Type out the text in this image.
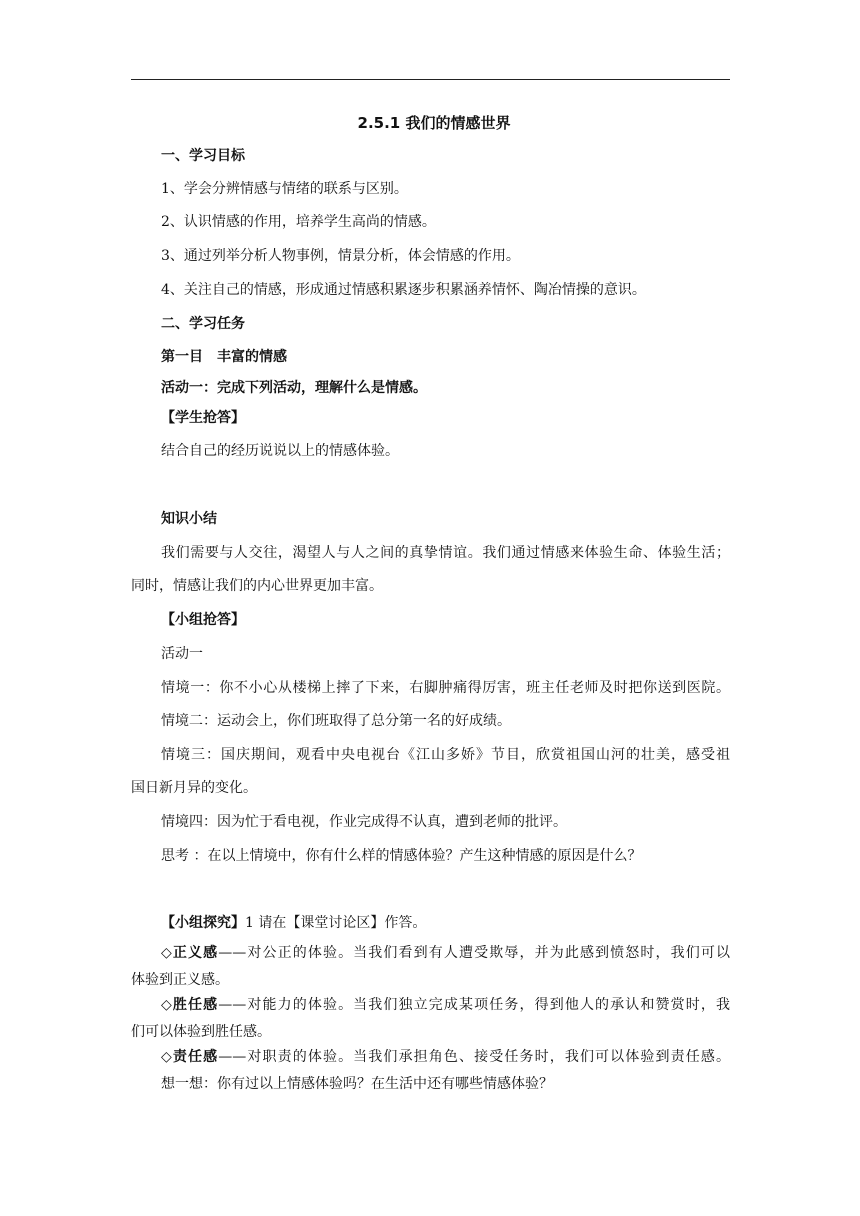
2.5.1 我们的情感世界
一、学习目标
1、学会分辨情感与情绪的联系与区别。
2、认识情感的作用，培养学生高尚的情感。
3、通过列举分析人物事例，情景分析，体会情感的作用。
4、关注自己的情感，形成通过情感积累逐步积累涵养情怀、陶冶情操的意识。
二、学习任务
第一目　丰富的情感
活动一：完成下列活动，理解什么是情感。
【学生抢答】
结合自己的经历说说以上的情感体验。
知识小结
我们需要与人交往，渴望人与人之间的真挚情谊。我们通过情感来体验生命、体验生活；
同时，情感让我们的内心世界更加丰富。
【小组抢答】
活动一
情境一：你不小心从楼梯上摔了下来，右脚肿痛得厉害，班主任老师及时把你送到医院。
情境二：运动会上，你们班取得了总分第一名的好成绩。
情境三：国庆期间，观看中央电视台《江山多娇》节目，欣赏祖国山河的壮美，感受祖
国日新月异的变化。
情境四：因为忙于看电视，作业完成得不认真，遭到老师的批评。
思考 ：在以上情境中，你有什么样的情感体验？产生这种情感的原因是什么？
【小组探究】1 请在【课堂讨论区】作答。
◇正义感——对公正的体验。当我们看到有人遭受欺辱，并为此感到愤怒时，我们可以
体验到正义感。
◇胜任感——对能力的体验。当我们独立完成某项任务，得到他人的承认和赞赏时，我
们可以体验到胜任感。
◇责任感——对职责的体验。当我们承担角色、接受任务时，我们可以体验到责任感。
想一想：你有过以上情感体验吗？在生活中还有哪些情感体验？
